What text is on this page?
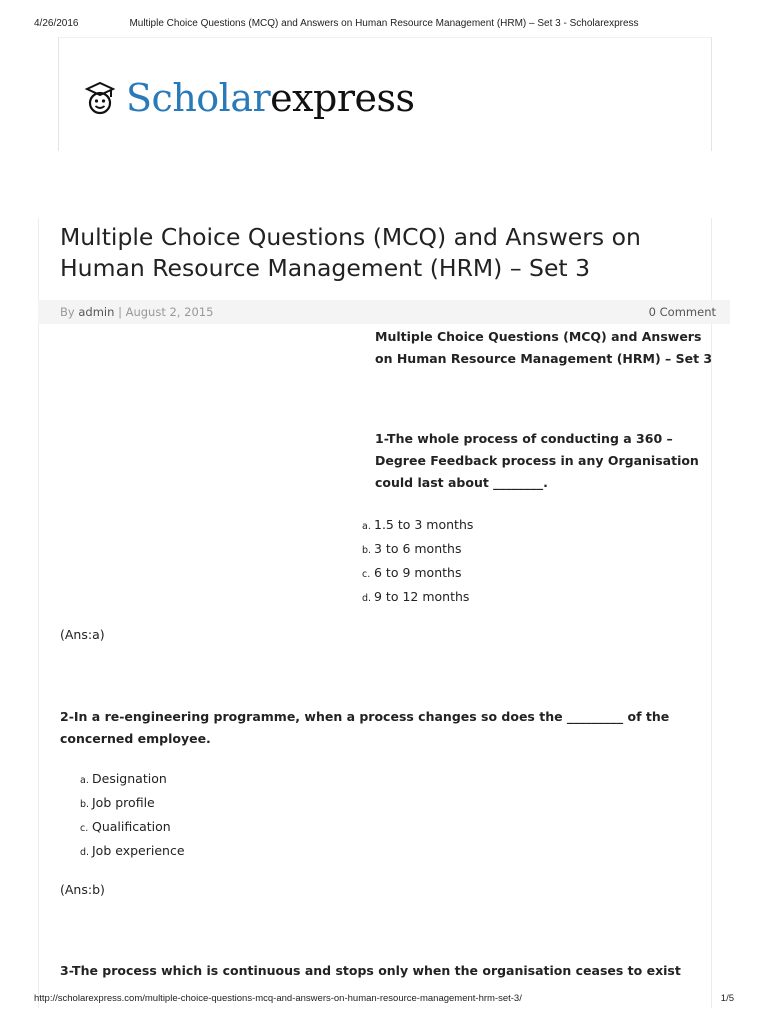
4/26/2016	Multiple Choice Questions (MCQ) and Answers on Human Resource Management (HRM) – Set 3 - Scholarexpress
Scholarexpress
Multiple Choice Questions (MCQ) and Answers on Human Resource Management (HRM) – Set 3
By admin | August 2, 2015	0 Comment
Multiple Choice Questions (MCQ) and Answers on Human Resource Management (HRM) – Set 3
1-The whole process of conducting a 360 – Degree Feedback process in any Organisation could last about ________.
a. 1.5 to 3 months
b. 3 to 6 months
c. 6 to 9 months
d. 9 to 12 months
(Ans:a)
2-In a re-engineering programme, when a process changes so does the _________ of the concerned employee.
a. Designation
b. Job profile
c. Qualification
d. Job experience
(Ans:b)
3-The process which is continuous and stops only when the organisation ceases to exist
http://scholarexpress.com/multiple-choice-questions-mcq-and-answers-on-human-resource-management-hrm-set-3/	1/5
